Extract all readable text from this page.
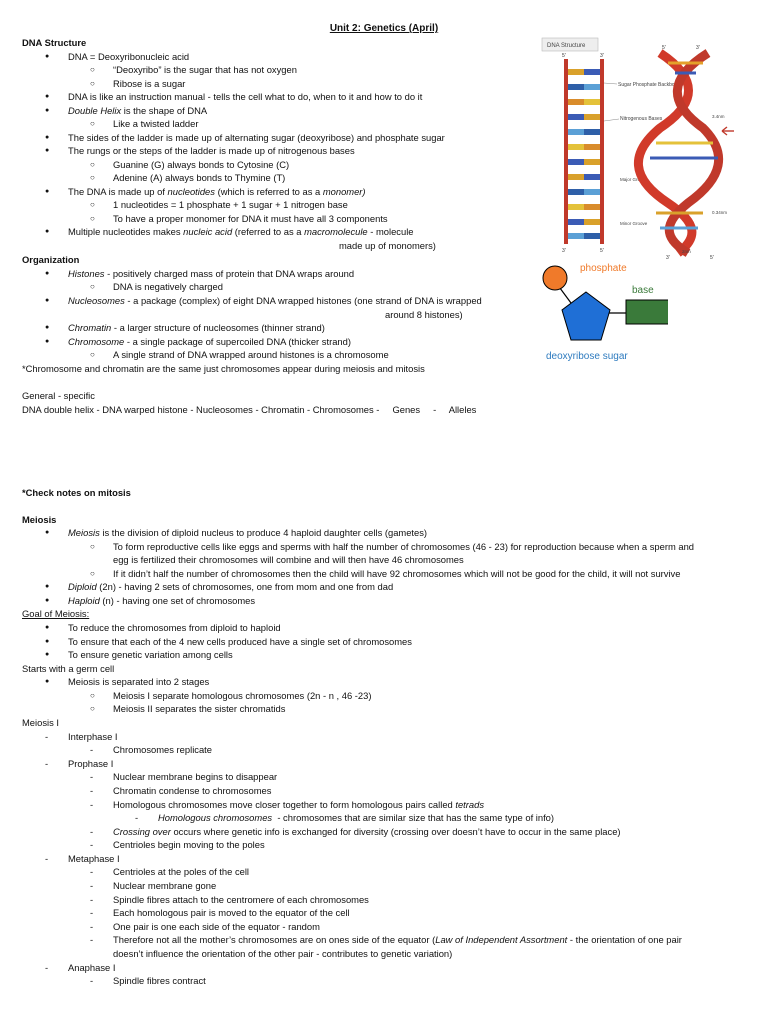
Unit 2: Genetics (April)
DNA Structure
● DNA = Deoxyribonucleic acid
○ “Deoxyribo” is the sugar that has not oxygen
○ Ribose is a sugar
● DNA is like an instruction manual - tells the cell what to do, when to it and how to do it
● Double Helix is the shape of DNA
○ Like a twisted ladder
● The sides of the ladder is made up of alternating sugar (deoxyribose) and phosphate sugar
● The rungs or the steps of the ladder is made up of nitrogenous bases
○ Guanine (G) always bonds to Cytosine (C)
○ Adenine (A) always bonds to Thymine (T)
● The DNA is made up of nucleotides (which is referred to as a monomer)
○ 1 nucleotides = 1 phosphate + 1 sugar + 1 nitrogen base
○ To have a proper monomer for DNA it must have all 3 components
● Multiple nucleotides makes nucleic acid (referred to as a macromolecule - molecule
made up of monomers)
Organization
● Histones - positively charged mass of protein that DNA wraps around
○ DNA is negatively charged
● Nucleosomes - a package (complex) of eight DNA wrapped histones (one strand of DNA is wrapped
around 8 histones)
● Chromatin - a larger structure of nucleosomes (thinner strand)
● Chromosome - a single package of supercoiled DNA (thicker strand)
○ A single strand of DNA wrapped around histones is a chromosome
*Chromosome and chromatin are the same just chromosomes appear during meiosis and mitosis
General - specific
DNA double helix - DNA warped histone - Nucleosomes - Chromatin - Chromosomes -     Genes     -     Alleles
*Check notes on mitosis
Meiosis
● Meiosis is the division of diploid nucleus to produce 4 haploid daughter cells (gametes)
○ To form reproductive cells like eggs and sperms with half the number of chromosomes (46 - 23) for reproduction because when a sperm and
egg is fertilized their chromosomes will combine and will then have 46 chromosomes
○ If it didn’t half the number of chromosomes then the child will have 92 chromosomes which will not be good for the child, it will not survive
● Diploid (2n) - having 2 sets of chromosomes, one from mom and one from dad
● Haploid (n) - having one set of chromosomes
Goal of Meiosis:
● To reduce the chromosomes from diploid to haploid
● To ensure that each of the 4 new cells produced have a single set of chromosomes
● To ensure genetic variation among cells
Starts with a germ cell
● Meiosis is separated into 2 stages
○ Meiosis I separate homologous chromosomes (2n - n , 46 -23)
○ Meiosis II separates the sister chromatids
Meiosis I
- Interphase I
- Chromosomes replicate
- Prophase I
- Nuclear membrane begins to disappear
- Chromatin condense to chromosomes
- Homologous chromosomes move closer together to form homologous pairs called tetrads
- Homologous chromosomes  - chromosomes that are similar size that has the same type of info)
- Crossing over occurs where genetic info is exchanged for diversity (crossing over doesn’t have to occur in the same place)
- Centrioles begin moving to the poles
- Metaphase I
- Centrioles at the poles of the cell
- Nuclear membrane gone
- Spindle fibres attach to the centromere of each chromosomes
- Each homologous pair is moved to the equator of the cell
- One pair is one each side of the equator - random
- Therefore not all the mother’s chromosomes are on ones side of the equator (Law of Independent Assortment - the orientation of one pair
doesn’t influence the orientation of the other pair - contributes to genetic variation)
- Anaphase I
- Spindle fibres contract
DNA Structure
5'	3'
3'	5'
Sugar Phosphate Backbone
Nitrogenous Bases
Major Groove
Minor Groove
5'	3'
3'	5'
3.4nm
0.34nm
2nm
phosphate
base
deoxyribose sugar
